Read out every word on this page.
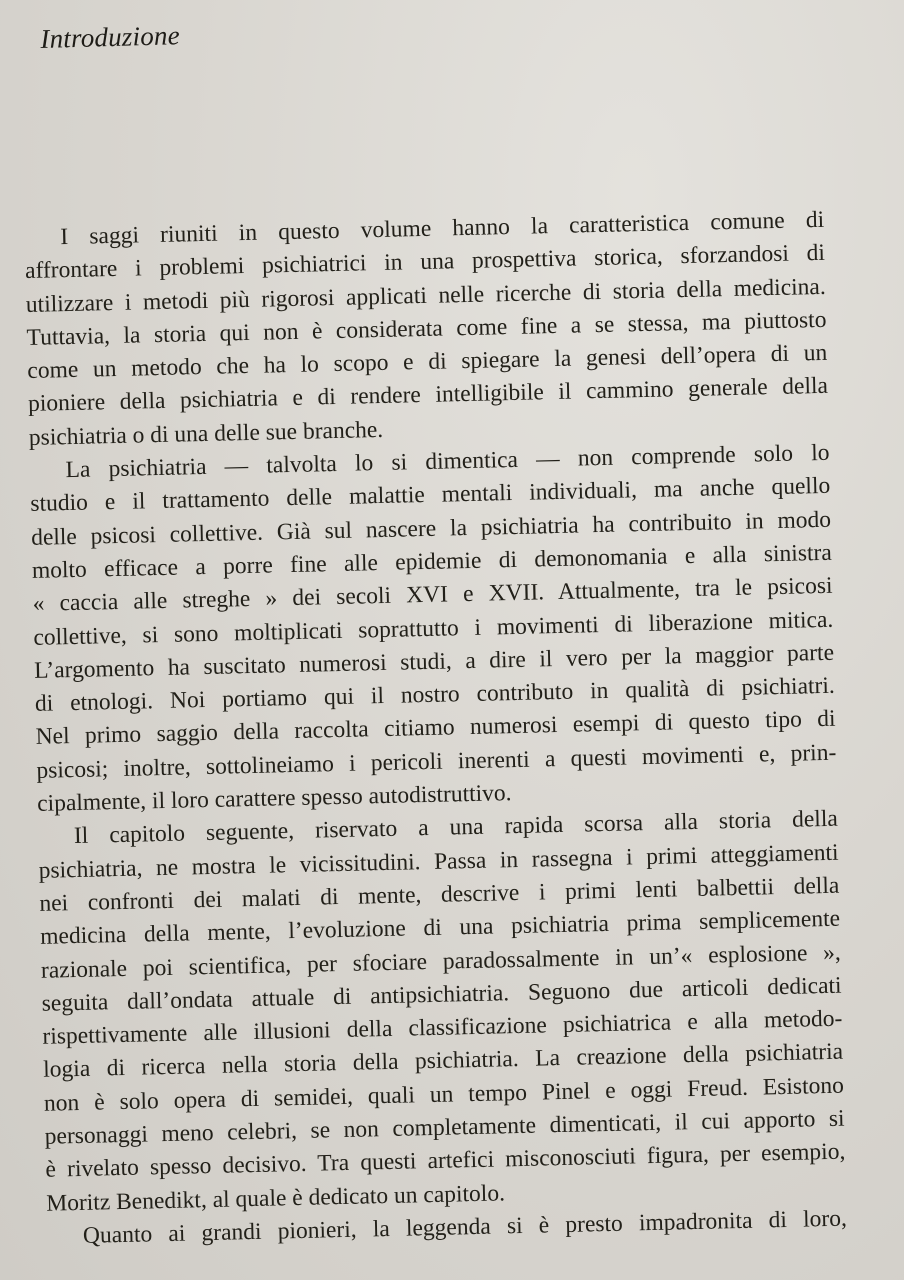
Introduzione
I saggi riuniti in questo volume hanno la caratteristica comune di
affrontare i problemi psichiatrici in una prospettiva storica, sforzandosi di
utilizzare i metodi più rigorosi applicati nelle ricerche di storia della medicina.
Tuttavia, la storia qui non è considerata come fine a se stessa, ma piuttosto
come un metodo che ha lo scopo e di spiegare la genesi dell’opera di un
pioniere della psichiatria e di rendere intelligibile il cammino generale della
psichiatria o di una delle sue branche.
La psichiatria — talvolta lo si dimentica — non comprende solo lo
studio e il trattamento delle malattie mentali individuali, ma anche quello
delle psicosi collettive. Già sul nascere la psichiatria ha contribuito in modo
molto efficace a porre fine alle epidemie di demonomania e alla sinistra
« caccia alle streghe » dei secoli XVI e XVII. Attualmente, tra le psicosi
collettive, si sono moltiplicati soprattutto i movimenti di liberazione mitica.
L’argomento ha suscitato numerosi studi, a dire il vero per la maggior parte
di etnologi. Noi portiamo qui il nostro contributo in qualità di psichiatri.
Nel primo saggio della raccolta citiamo numerosi esempi di questo tipo di
psicosi; inoltre, sottolineiamo i pericoli inerenti a questi movimenti e, prin-
cipalmente, il loro carattere spesso autodistruttivo.
Il capitolo seguente, riservato a una rapida scorsa alla storia della
psichiatria, ne mostra le vicissitudini. Passa in rassegna i primi atteggiamenti
nei confronti dei malati di mente, descrive i primi lenti balbettii della
medicina della mente, l’evoluzione di una psichiatria prima semplicemente
razionale poi scientifica, per sfociare paradossalmente in un’« esplosione »,
seguita dall’ondata attuale di antipsichiatria. Seguono due articoli dedicati
rispettivamente alle illusioni della classificazione psichiatrica e alla metodo-
logia di ricerca nella storia della psichiatria. La creazione della psichiatria
non è solo opera di semidei, quali un tempo Pinel e oggi Freud. Esistono
personaggi meno celebri, se non completamente dimenticati, il cui apporto si
è rivelato spesso decisivo. Tra questi artefici misconosciuti figura, per esempio,
Moritz Benedikt, al quale è dedicato un capitolo.
Quanto ai grandi pionieri, la leggenda si è presto impadronita di loro,
